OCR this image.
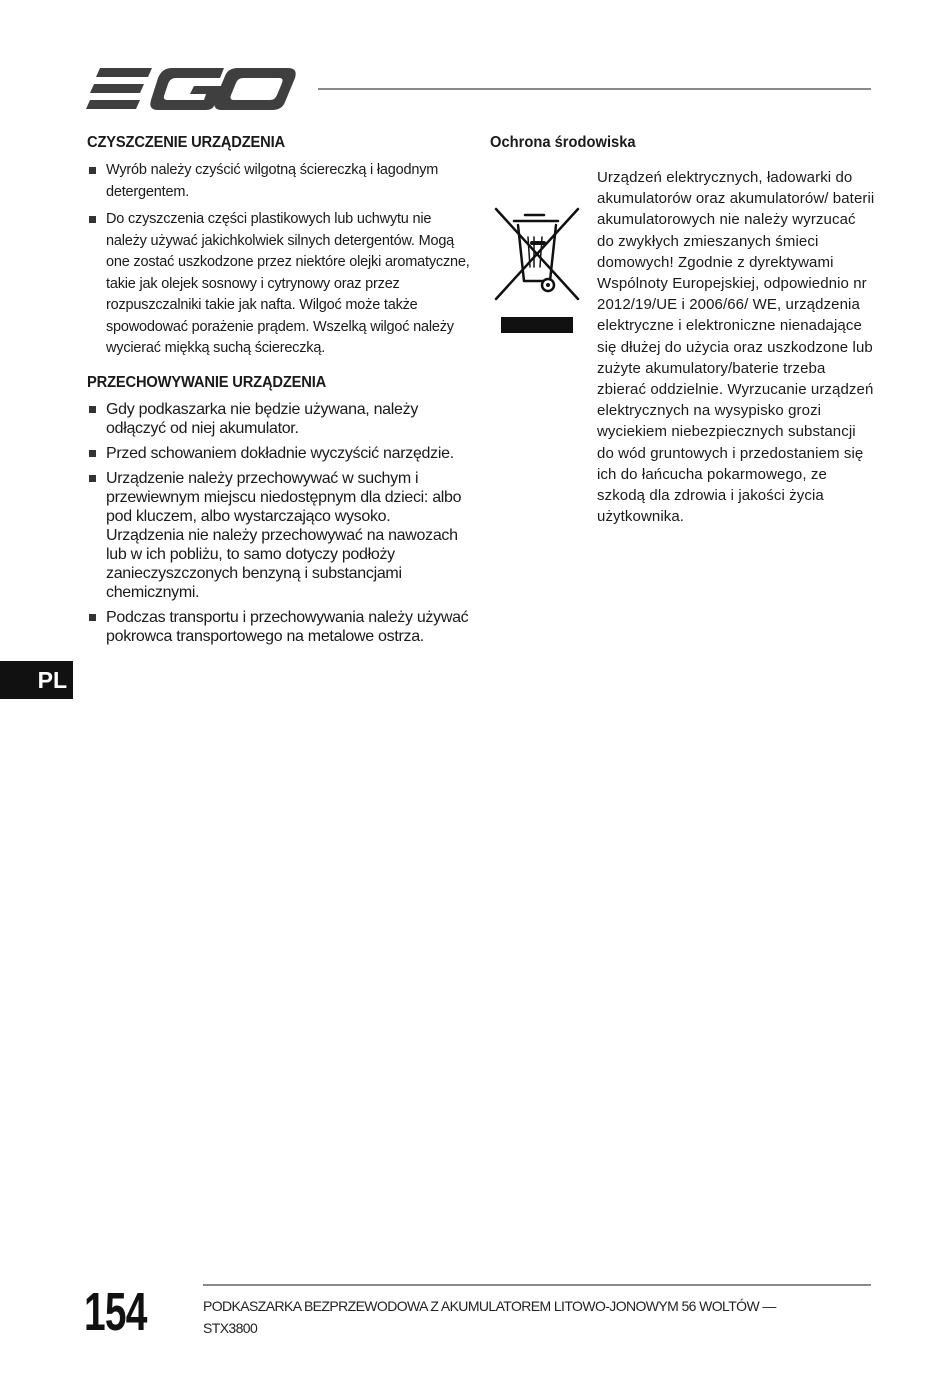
CZYSZCZENIE URZĄDZENIA
Wyrób należy czyścić wilgotną ściereczką i łagodnym detergentem.
Do czyszczenia części plastikowych lub uchwytu nie należy używać jakichkolwiek silnych detergentów. Mogą one zostać uszkodzone przez niektóre olejki aromatyczne, takie jak olejek sosnowy i cytrynowy oraz przez rozpuszczalniki takie jak nafta. Wilgoć może także spowodować porażenie prądem. Wszelką wilgoć należy wycierać miękką suchą ściereczką.
PRZECHOWYWANIE URZĄDZENIA
Gdy podkaszarka nie będzie używana, należy odłączyć od niej akumulator.
Przed schowaniem dokładnie wyczyścić narzędzie.
Urządzenie należy przechowywać w suchym i przewiewnym miejscu niedostępnym dla dzieci: albo pod kluczem, albo wystarczająco wysoko. Urządzenia nie należy przechowywać na nawozach lub w ich pobliżu, to samo dotyczy podłoży zanieczyszczonych benzyną i substancjami chemicznymi.
Podczas transportu i przechowywania należy używać pokrowca transportowego na metalowe ostrza.
Ochrona środowiska

Urządzeń elektrycznych, ładowarki do akumulatorów oraz akumulatorów/ baterii akumulatorowych nie należy wyrzucać do zwykłych zmieszanych śmieci domowych! Zgodnie z dyrektywami Wspólnoty Europejskiej, odpowiednio nr 2012/19/UE i 2006/66/ WE, urządzenia elektryczne i elektroniczne nienadające się dłużej do użycia oraz uszkodzone lub zużyte akumulatory/baterie trzeba zbierać oddzielnie. Wyrzucanie urządzeń elektrycznych na wysypisko grozi wyciekiem niebezpiecznych substancji do wód gruntowych i przedostaniem się ich do łańcucha pokarmowego, ze szkodą dla zdrowia i jakości życia użytkownika.

PL
154	PODKASZARKA BEZPRZEWODOWA Z AKUMULATOREM LITOWO-JONOWYM 56 WOLTÓW —
STX3800
